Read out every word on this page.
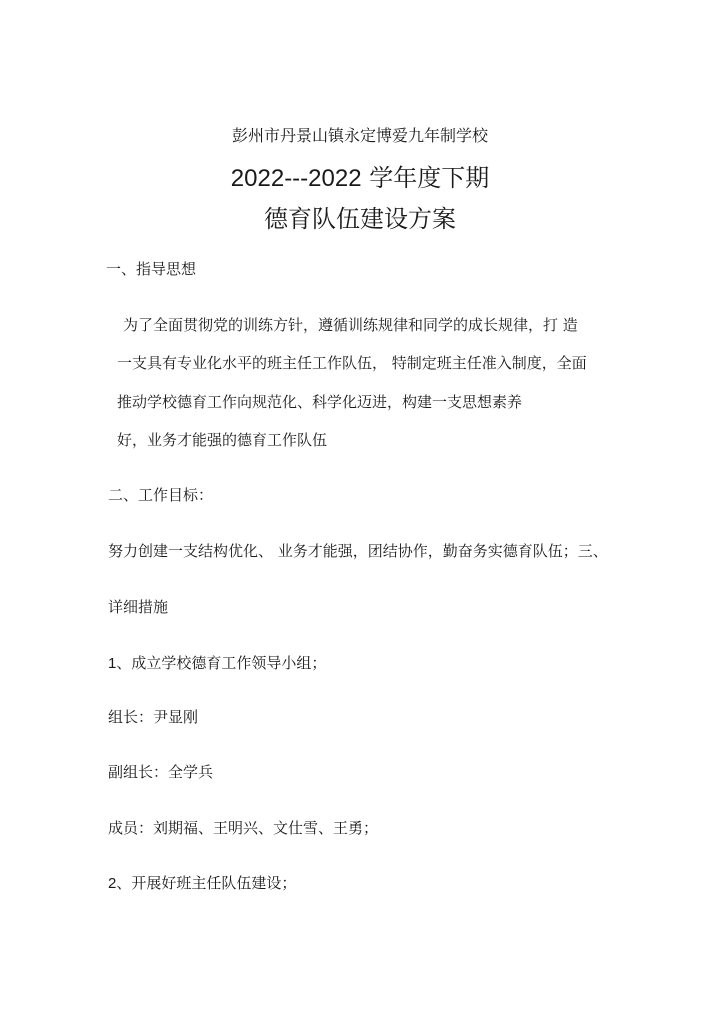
彭州市丹景山镇永定博爱九年制学校
2022---2022 学年度下期
德育队伍建设方案
一、指导思想
为了全面贯彻党的训练方针，遵循训练规律和同学的成长规律，打 造
一支具有专业化水平的班主任工作队伍， 特制定班主任准入制度，全面
推动学校德育工作向规范化、科学化迈进，构建一支思想素养
好，业务才能强的德育工作队伍
二、工作目标：
努力创建一支结构优化、 业务才能强，团结协作，勤奋务实德育队伍；三、
详细措施
1、成立学校德育工作领导小组；
组长：尹显刚
副组长：全学兵
成员：刘期福、王明兴、文仕雪、王勇；
2、开展好班主任队伍建设；
